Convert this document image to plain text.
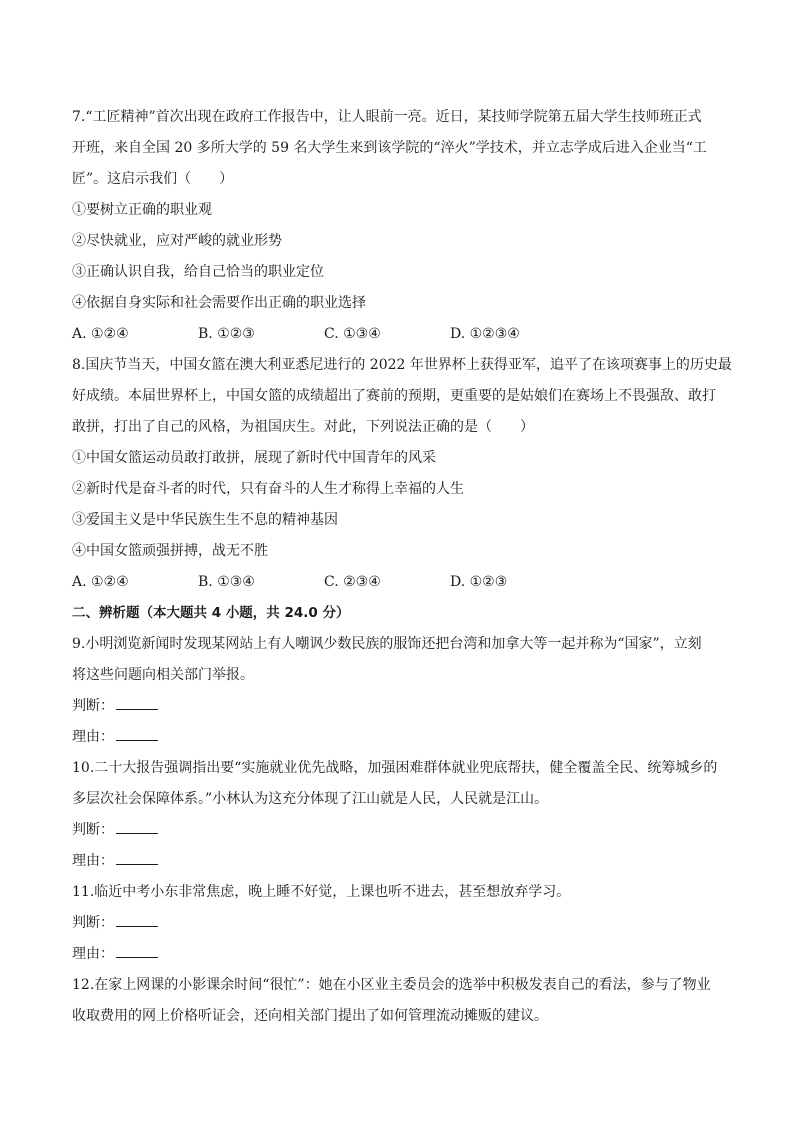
7.“工匠精神”首次出现在政府工作报告中，让人眼前一亮。近日，某技师学院第五届大学生技师班正式
开班，来自全国 20 多所大学的 59 名大学生来到该学院的“淬火”学技术，并立志学成后进入企业当“工
匠”。这启示我们（　　）
①要树立正确的职业观
②尽快就业，应对严峻的就业形势
③正确认识自我，给自己恰当的职业定位
④依据自身实际和社会需要作出正确的职业选择
A. ①②④	B. ①②③	C. ①③④	D. ①②③④
8.国庆节当天，中国女篮在澳大利亚悉尼进行的 2022 年世界杯上获得亚军，追平了在该项赛事上的历史最
好成绩。本届世界杯上，中国女篮的成绩超出了赛前的预期，更重要的是姑娘们在赛场上不畏强敌、敢打
敢拼，打出了自己的风格，为祖国庆生。对此，下列说法正确的是（　　）
①中国女篮运动员敢打敢拼，展现了新时代中国青年的风采
②新时代是奋斗者的时代，只有奋斗的人生才称得上幸福的人生
③爱国主义是中华民族生生不息的精神基因
④中国女篮顽强拼搏，战无不胜
A. ①②④	B. ①③④	C. ②③④	D. ①②③
二、辨析题（本大题共 4 小题，共 24.0 分）
9.小明浏览新闻时发现某网站上有人嘲讽少数民族的服饰还把台湾和加拿大等一起并称为“国家”，立刻
将这些问题向相关部门举报。
判断：
理由：
10.二十大报告强调指出要“实施就业优先战略，加强困难群体就业兜底帮扶，健全覆盖全民、统筹城乡的
多层次社会保障体系。”小林认为这充分体现了江山就是人民，人民就是江山。
判断：
理由：
11.临近中考小东非常焦虑，晚上睡不好觉，上课也听不进去，甚至想放弃学习。
判断：
理由：
12.在家上网课的小影课余时间“很忙”：她在小区业主委员会的选举中积极发表自己的看法，参与了物业
收取费用的网上价格听证会，还向相关部门提出了如何管理流动摊贩的建议。
